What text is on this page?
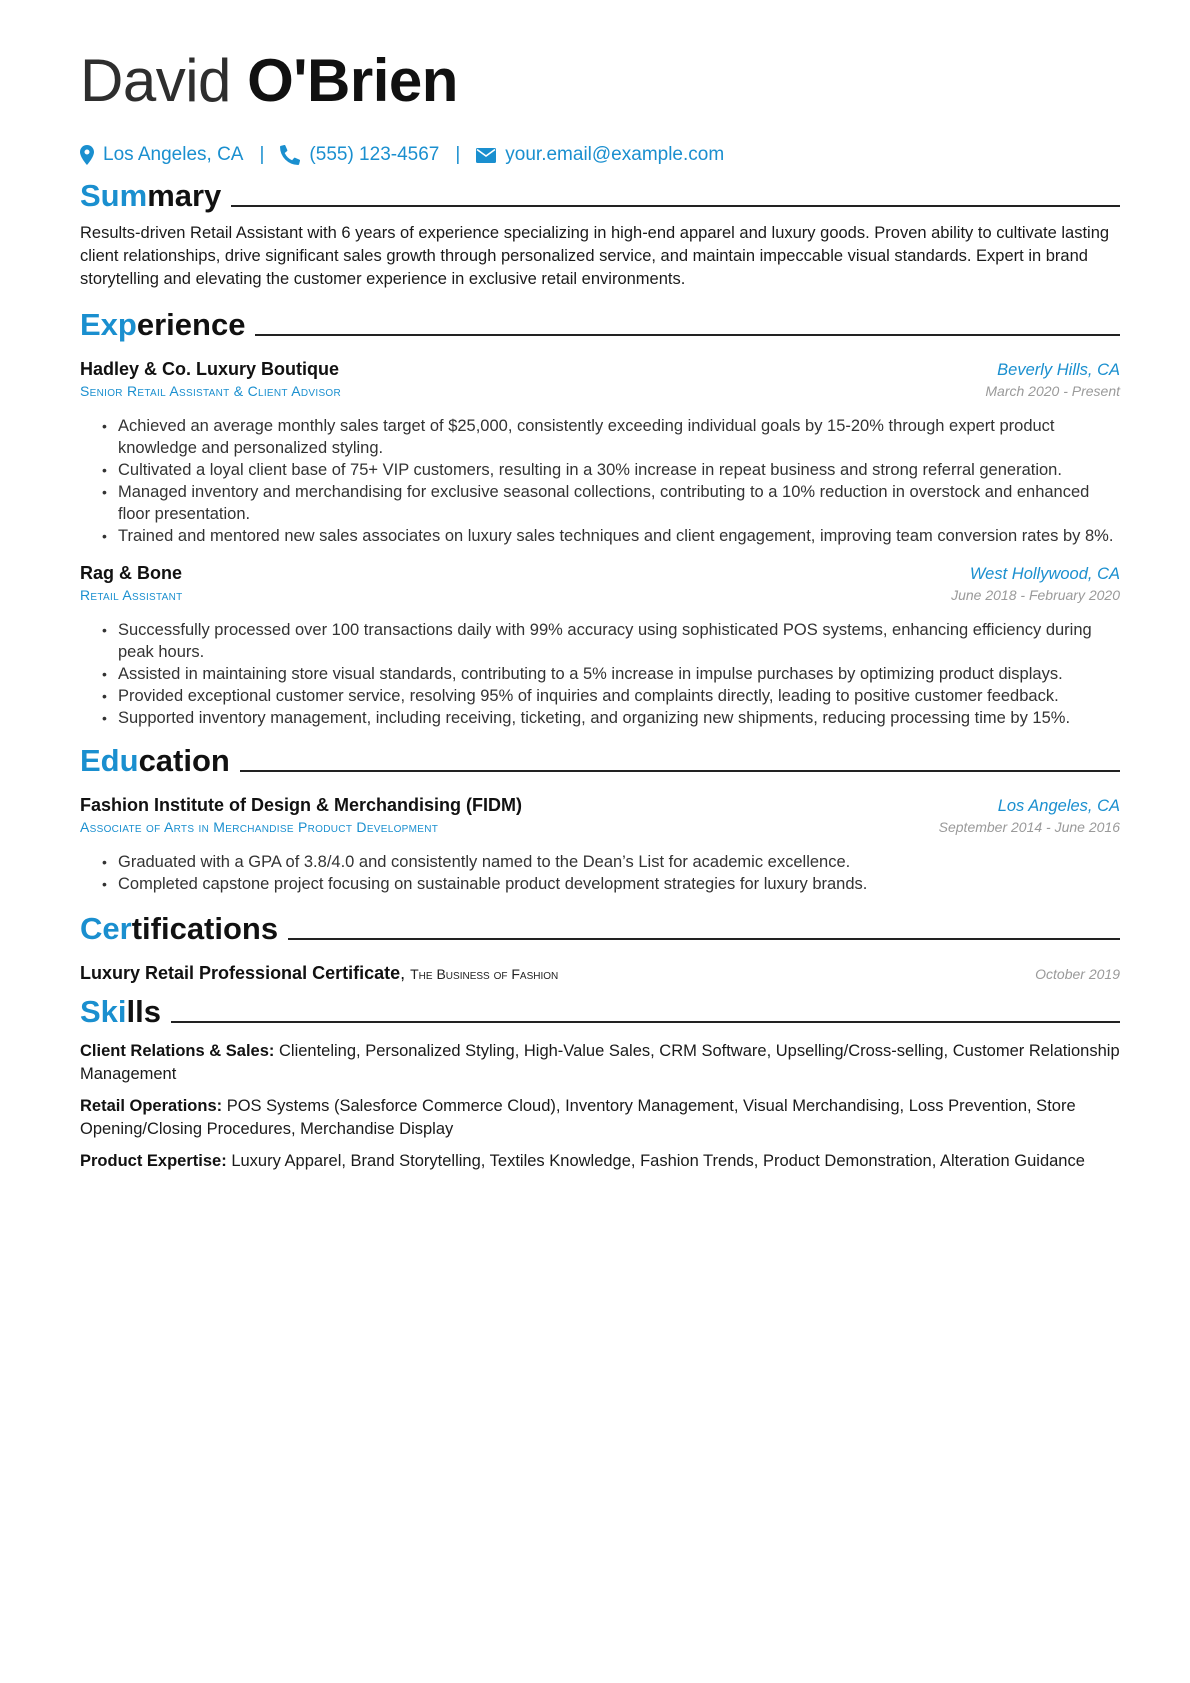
David O'Brien
Los Angeles, CA | (555) 123-4567 | your.email@example.com
Summary

Results-driven Retail Assistant with 6 years of experience specializing in high-end apparel and luxury goods. Proven ability to cultivate lasting client relationships, drive significant sales growth through personalized service, and maintain impeccable visual standards. Expert in brand storytelling and elevating the customer experience in exclusive retail environments.

Experience
Hadley & Co. Luxury Boutique	Beverly Hills, CA
Senior Retail Assistant & Client Advisor	March 2020 - Present
• Achieved an average monthly sales target of $25,000, consistently exceeding individual goals by 15-20% through expert product knowledge and personalized styling.
• Cultivated a loyal client base of 75+ VIP customers, resulting in a 30% increase in repeat business and strong referral generation.
• Managed inventory and merchandising for exclusive seasonal collections, contributing to a 10% reduction in overstock and enhanced floor presentation.
• Trained and mentored new sales associates on luxury sales techniques and client engagement, improving team conversion rates by 8%.
Rag & Bone	West Hollywood, CA
Retail Assistant	June 2018 - February 2020
• Successfully processed over 100 transactions daily with 99% accuracy using sophisticated POS systems, enhancing efficiency during peak hours.
• Assisted in maintaining store visual standards, contributing to a 5% increase in impulse purchases by optimizing product displays.
• Provided exceptional customer service, resolving 95% of inquiries and complaints directly, leading to positive customer feedback.
• Supported inventory management, including receiving, ticketing, and organizing new shipments, reducing processing time by 15%.
Education
Fashion Institute of Design & Merchandising (FIDM)	Los Angeles, CA
Associate of Arts in Merchandise Product Development	September 2014 - June 2016
• Graduated with a GPA of 3.8/4.0 and consistently named to the Dean’s List for academic excellence.
• Completed capstone project focusing on sustainable product development strategies for luxury brands.
Certifications
Luxury Retail Professional Certificate, The Business of Fashion	October 2019
Skills
Client Relations & Sales: Clienteling, Personalized Styling, High-Value Sales, CRM Software, Upselling/Cross-selling, Customer Relationship Management
Retail Operations: POS Systems (Salesforce Commerce Cloud), Inventory Management, Visual Merchandising, Loss Prevention, Store Opening/Closing Procedures, Merchandise Display
Product Expertise: Luxury Apparel, Brand Storytelling, Textiles Knowledge, Fashion Trends, Product Demonstration, Alteration Guidance
